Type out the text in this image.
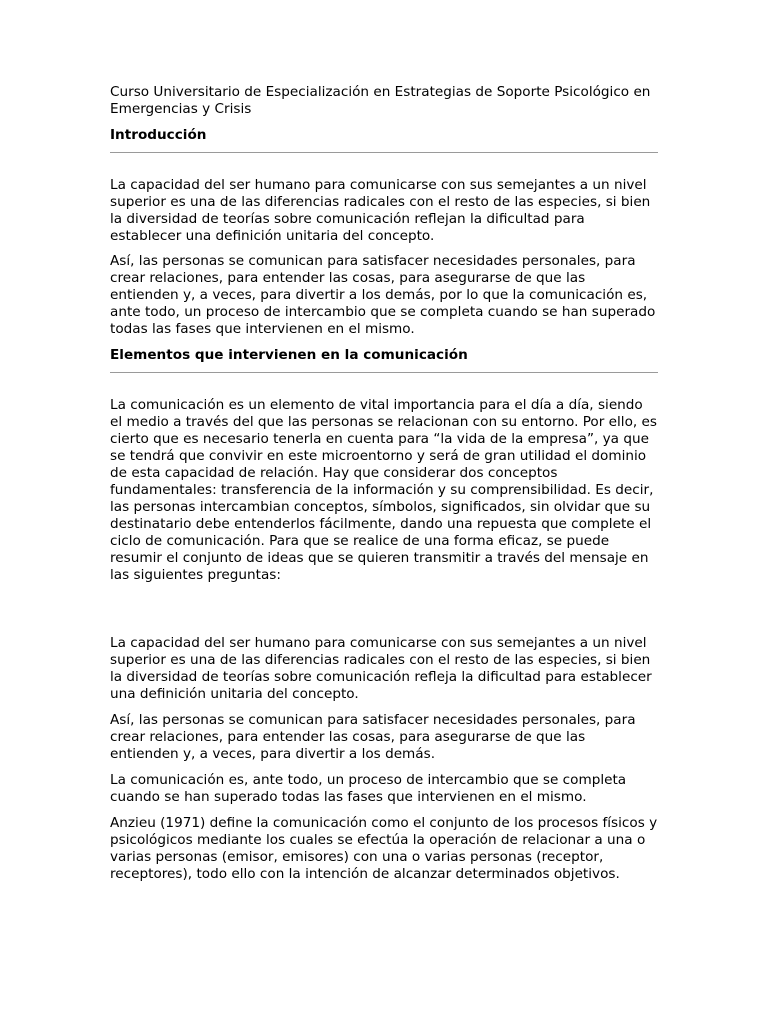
Curso Universitario de Especialización en Estrategias de Soporte Psicológico en Emergencias y Crisis

Introducción

La capacidad del ser humano para comunicarse con sus semejantes a un nivel superior es una de las diferencias radicales con el resto de las especies, si bien la diversidad de teorías sobre comunicación reflejan la dificultad para establecer una definición unitaria del concepto.

Así, las personas se comunican para satisfacer necesidades personales, para crear relaciones, para entender las cosas, para asegurarse de que las entienden y, a veces, para divertir a los demás, por lo que la comunicación es, ante todo, un proceso de intercambio que se completa cuando se han superado todas las fases que intervienen en el mismo.

Elementos que intervienen en la comunicación

La comunicación es un elemento de vital importancia para el día a día, siendo el medio a través del que las personas se relacionan con su entorno. Por ello, es cierto que es necesario tenerla en cuenta para “la vida de la empresa”, ya que se tendrá que convivir en este microentorno y será de gran utilidad el dominio de esta capacidad de relación. Hay que considerar dos conceptos fundamentales: transferencia de la información y su comprensibilidad. Es decir, las personas intercambian conceptos, símbolos, significados, sin olvidar que su destinatario debe entenderlos fácilmente, dando una repuesta que complete el ciclo de comunicación. Para que se realice de una forma eficaz, se puede resumir el conjunto de ideas que se quieren transmitir a través del mensaje en las siguientes preguntas:

La capacidad del ser humano para comunicarse con sus semejantes a un nivel superior es una de las diferencias radicales con el resto de las especies, si bien la diversidad de teorías sobre comunicación refleja la dificultad para establecer una definición unitaria del concepto.

Así, las personas se comunican para satisfacer necesidades personales, para crear relaciones, para entender las cosas, para asegurarse de que las entienden y, a veces, para divertir a los demás.

La comunicación es, ante todo, un proceso de intercambio que se completa cuando se han superado todas las fases que intervienen en el mismo.

Anzieu (1971) define la comunicación como el conjunto de los procesos físicos y psicológicos mediante los cuales se efectúa la operación de relacionar a una o varias personas (emisor, emisores) con una o varias personas (receptor, receptores), todo ello con la intención de alcanzar determinados objetivos.
